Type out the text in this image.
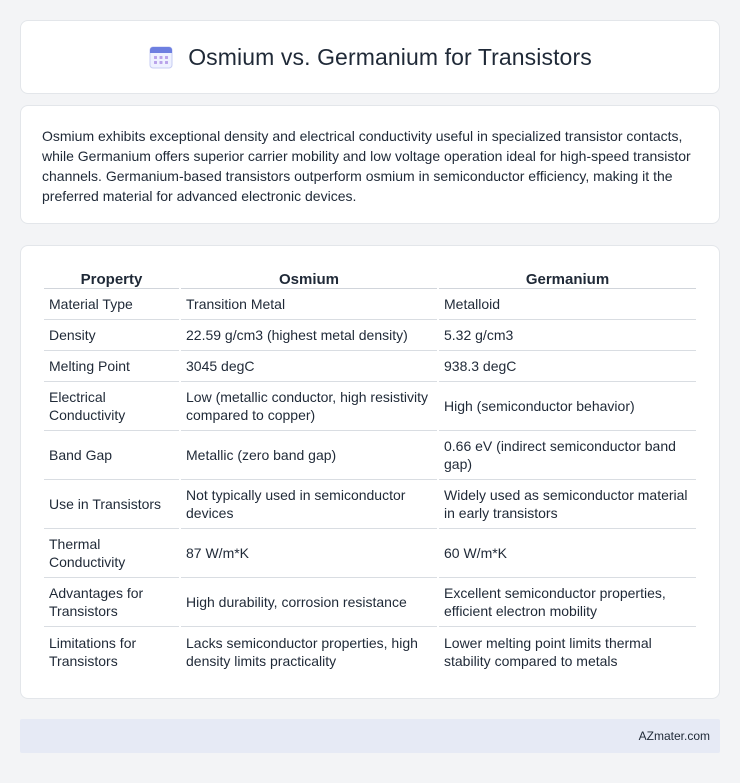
Osmium vs. Germanium for Transistors

Osmium exhibits exceptional density and electrical conductivity useful in specialized transistor contacts, while Germanium offers superior carrier mobility and low voltage operation ideal for high-speed transistor channels. Germanium-based transistors outperform osmium in semiconductor efficiency, making it the preferred material for advanced electronic devices.

Property	Osmium	Germanium
Material Type	Transition Metal	Metalloid
Density	22.59 g/cm3 (highest metal density)	5.32 g/cm3
Melting Point	3045 degC	938.3 degC
Electrical Conductivity	Low (metallic conductor, high resistivity compared to copper)	High (semiconductor behavior)
Band Gap	Metallic (zero band gap)	0.66 eV (indirect semiconductor band gap)
Use in Transistors	Not typically used in semiconductor devices	Widely used as semiconductor material in early transistors
Thermal Conductivity	87 W/m*K	60 W/m*K
Advantages for Transistors	High durability, corrosion resistance	Excellent semiconductor properties, efficient electron mobility
Limitations for Transistors	Lacks semiconductor properties, high density limits practicality	Lower melting point limits thermal stability compared to metals
AZmater.com
